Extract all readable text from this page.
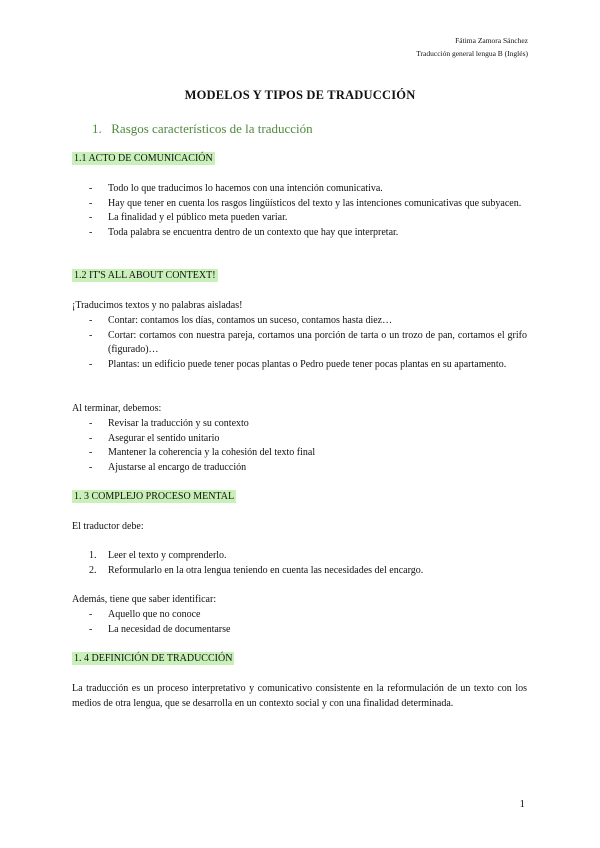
Fátima Zamora Sánchez
Traducción general lengua B (Inglés)
MODELOS Y TIPOS DE TRADUCCIÓN
1. Rasgos característicos de la traducción
1.1 ACTO DE COMUNICACIÓN
- Todo lo que traducimos lo hacemos con una intención comunicativa.
- Hay que tener en cuenta los rasgos lingüísticos del texto y las intenciones comunicativas que subyacen.
- La finalidad y el público meta pueden variar.
- Toda palabra se encuentra dentro de un contexto que hay que interpretar.
1.2 IT'S ALL ABOUT CONTEXT!
¡Traducimos textos y no palabras aisladas!
- Contar: contamos los días, contamos un suceso, contamos hasta diez…
- Cortar: cortamos con nuestra pareja, cortamos una porción de tarta o un trozo de pan, cortamos el grifo (figurado)…
- Plantas: un edificio puede tener pocas plantas o Pedro puede tener pocas plantas en su apartamento.
Al terminar, debemos:
- Revisar la traducción y su contexto
- Asegurar el sentido unitario
- Mantener la coherencia y la cohesión del texto final
- Ajustarse al encargo de traducción
1. 3 COMPLEJO PROCESO MENTAL
El traductor debe:
1. Leer el texto y comprenderlo.
2. Reformularlo en la otra lengua teniendo en cuenta las necesidades del encargo.
Además, tiene que saber identificar:
- Aquello que no conoce
- La necesidad de documentarse
1. 4 DEFINICIÓN DE TRADUCCIÓN
La traducción es un proceso interpretativo y comunicativo consistente en la reformulación de un texto con los medios de otra lengua, que se desarrolla en un contexto social y con una finalidad determinada.
1
